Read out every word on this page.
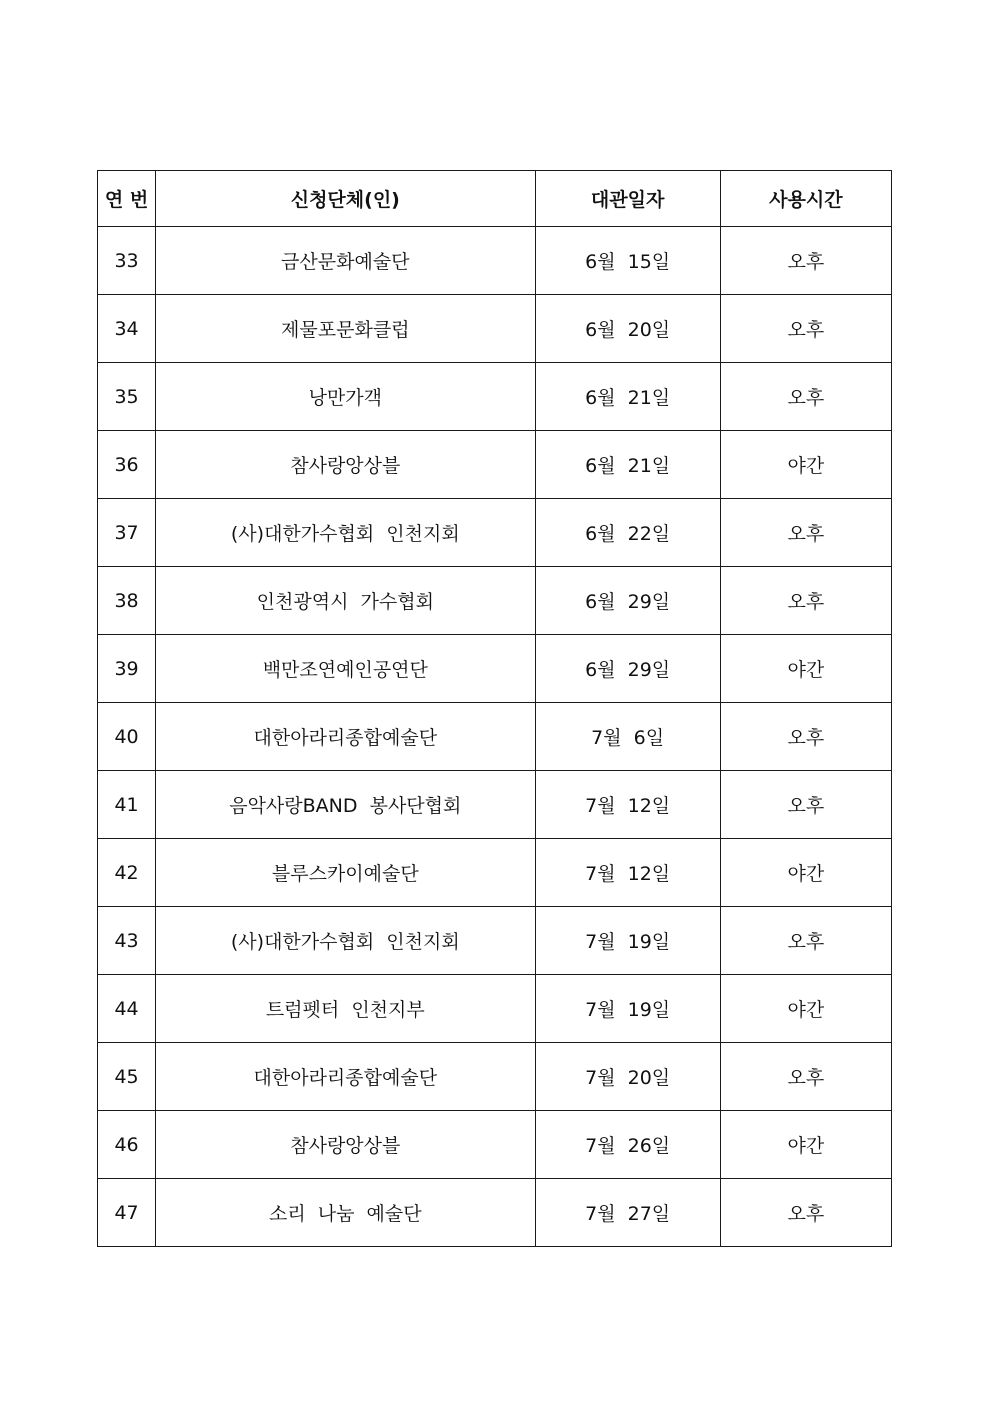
연 번	신청단체(인)	대관일자	사용시간
33	금산문화예술단	6월  15일	오후
34	제물포문화클럽	6월  20일	오후
35	낭만가객	6월  21일	오후
36	참사랑앙상블	6월  21일	야간
37	(사)대한가수협회  인천지회	6월  22일	오후
38	인천광역시  가수협회	6월  29일	오후
39	백만조연예인공연단	6월  29일	야간
40	대한아라리종합예술단	7월  6일	오후
41	음악사랑BAND  봉사단협회	7월  12일	오후
42	블루스카이예술단	7월  12일	야간
43	(사)대한가수협회  인천지회	7월  19일	오후
44	트럼펫터  인천지부	7월  19일	야간
45	대한아라리종합예술단	7월  20일	오후
46	참사랑앙상블	7월  26일	야간
47	소리  나눔  예술단	7월  27일	오후
